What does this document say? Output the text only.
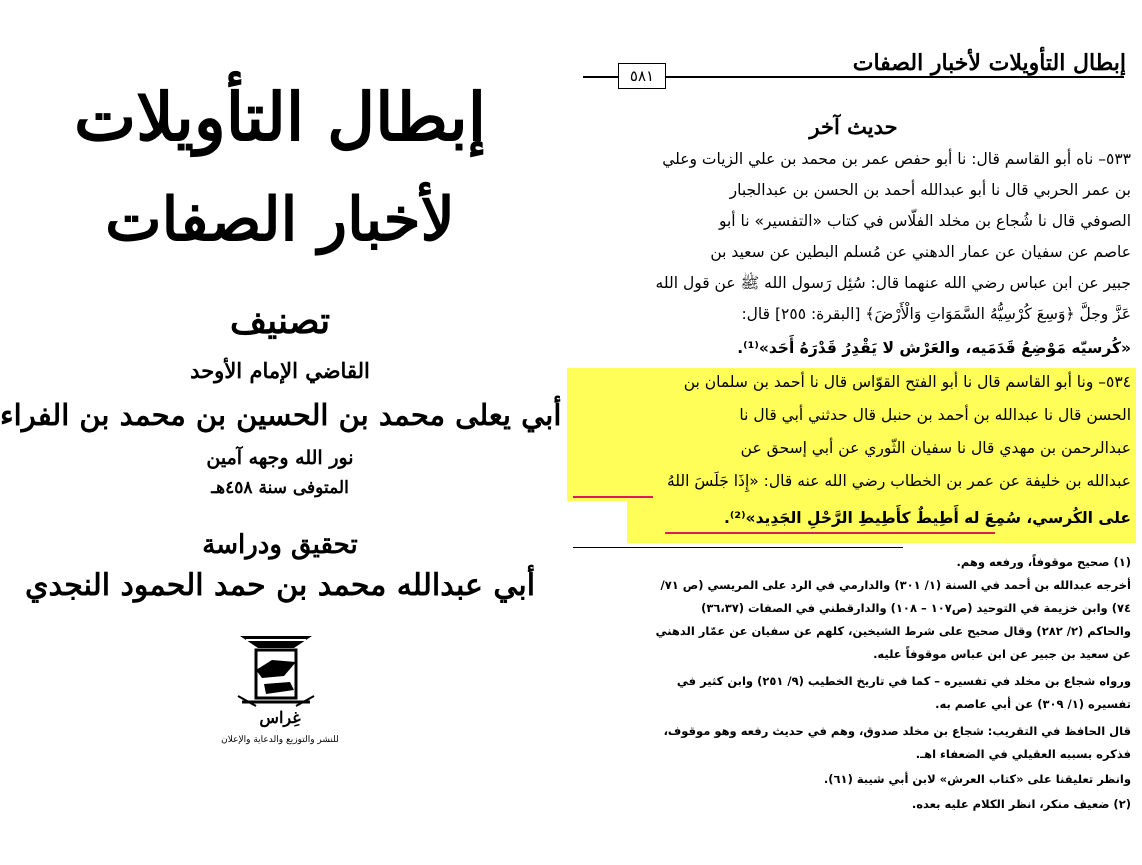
إبطال التأويلات
لأخبار الصفات
تصنيف
القاضي الإمام الأوحد
أبي يعلى محمد بن الحسين بن محمد بن الفراء
نور الله وجهه آمين
المتوفى سنة ٤٥٨هـ
تحقيق ودراسة
أبي عبدالله محمد بن حمد الحمود النجدي
غِراس
للنشر والتوزيع والدعاية والإعلان
إبطال التأويلات لأخبار الصفات
٥٨١
حديث آخر
٥٣٣– ناه أبو القاسم قال: نا أبو حفص عمر بن محمد بن علي الزيات وعلي
بن عمر الحربي قال نا أبو عبدالله أحمد بن الحسن بن عبدالجبار
الصوفي قال نا شُجاع بن مخلد الفلّاس في كتاب «التفسير» نا أبو
عاصم عن سفيان عن عمار الدهني عن مُسلم البطين عن سعيد بن
جبير عن ابن عباس رضي الله عنهما قال: سُئِل رَسول الله ﷺ عن قول الله
عَزَّ وجلَّ ﴿وَسِعَ كُرْسِيُّهُ السَّمَوَاتِ وَالْأَرْضَ﴾ [البقرة: ٢٥٥] قال:
«كُرسيّه مَوْضِعُ قَدَمَيه، والعَرْش لا يَقْدِرُ قَدْرَهُ أَحَد»⁽¹⁾.
٥٣٤– ونا أبو القاسم قال نا أبو الفتح القوّاس قال نا أحمد بن سلمان بن
الحسن قال نا عبدالله بن أحمد بن حنبل قال حدثني أبي قال نا
عبدالرحمن بن مهدي قال نا سفيان الثّوري عن أبي إسحق عن
عبدالله بن خليفة عن عمر بن الخطاب رضي الله عنه قال: «إِذَا جَلَسَ اللهُ
على الكُرسي، سُمِعَ له أَطِيطٌ كأَطِيطِ الرَّحْلِ الجَدِيد»⁽²⁾.
(١) صحيح موقوفاً، ورفعه وهم.
أخرجه عبدالله بن أحمد في السنة (١/ ٣٠١) والدارمي في الرد على المريسي (ص ٧١/
٧٤) وابن خزيمة في التوحيد (ص١٠٧ – ١٠٨) والدارقطني في الصفات (٣٦،٣٧)
والحاكم (٢/ ٢٨٢) وقال صحيح على شرط الشيخين، كلهم عن سفيان عن عمّار الدهني
عن سعيد بن جبير عن ابن عباس موقوفاً عليه.
ورواه شجاع بن مخلد في تفسيره – كما في تاريخ الخطيب (٩/ ٢٥١) وابن كثير في
تفسيره (١/ ٣٠٩) عن أبي عاصم به.
قال الحافظ في التقريب: شجاع بن مخلد صدوق، وهم في حديث رفعه وهو موقوف،
فذكره بسببه العقيلي في الضعفاء اهـ.
وانظر تعليقنا على «كتاب العرش» لابن أبي شيبة (٦١).
(٢) ضعيف منكر، انظر الكلام عليه بعده.
